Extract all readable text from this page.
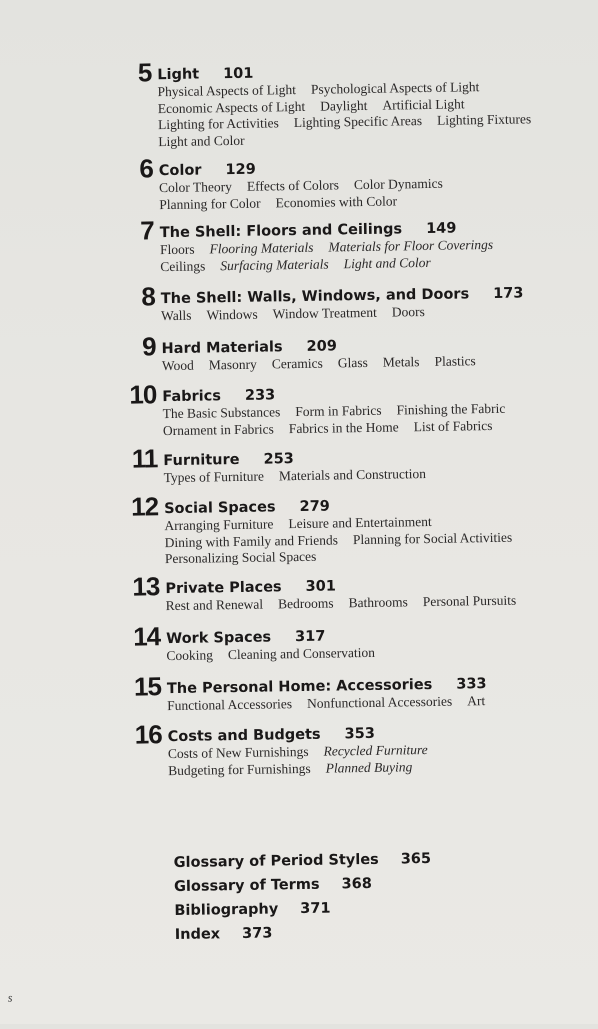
5 Light 101
Physical Aspects of Light Psychological Aspects of Light
Economic Aspects of Light Daylight Artificial Light
Lighting for Activities Lighting Specific Areas Lighting Fixtures
Light and Color
6 Color 129
Color Theory Effects of Colors Color Dynamics
Planning for Color Economies with Color
7 The Shell: Floors and Ceilings 149
Floors Flooring Materials Materials for Floor Coverings
Ceilings Surfacing Materials Light and Color
8 The Shell: Walls, Windows, and Doors 173
Walls Windows Window Treatment Doors
9 Hard Materials 209
Wood Masonry Ceramics Glass Metals Plastics
10 Fabrics 233
The Basic Substances Form in Fabrics Finishing the Fabric
Ornament in Fabrics Fabrics in the Home List of Fabrics
11 Furniture 253
Types of Furniture Materials and Construction
12 Social Spaces 279
Arranging Furniture Leisure and Entertainment
Dining with Family and Friends Planning for Social Activities
Personalizing Social Spaces
13 Private Places 301
Rest and Renewal Bedrooms Bathrooms Personal Pursuits
14 Work Spaces 317
Cooking Cleaning and Conservation
15 The Personal Home: Accessories 333
Functional Accessories Nonfunctional Accessories Art
16 Costs and Budgets 353
Costs of New Furnishings Recycled Furniture
Budgeting for Furnishings Planned Buying
Glossary of Period Styles 365
Glossary of Terms 368
Bibliography 371
Index 373
s
